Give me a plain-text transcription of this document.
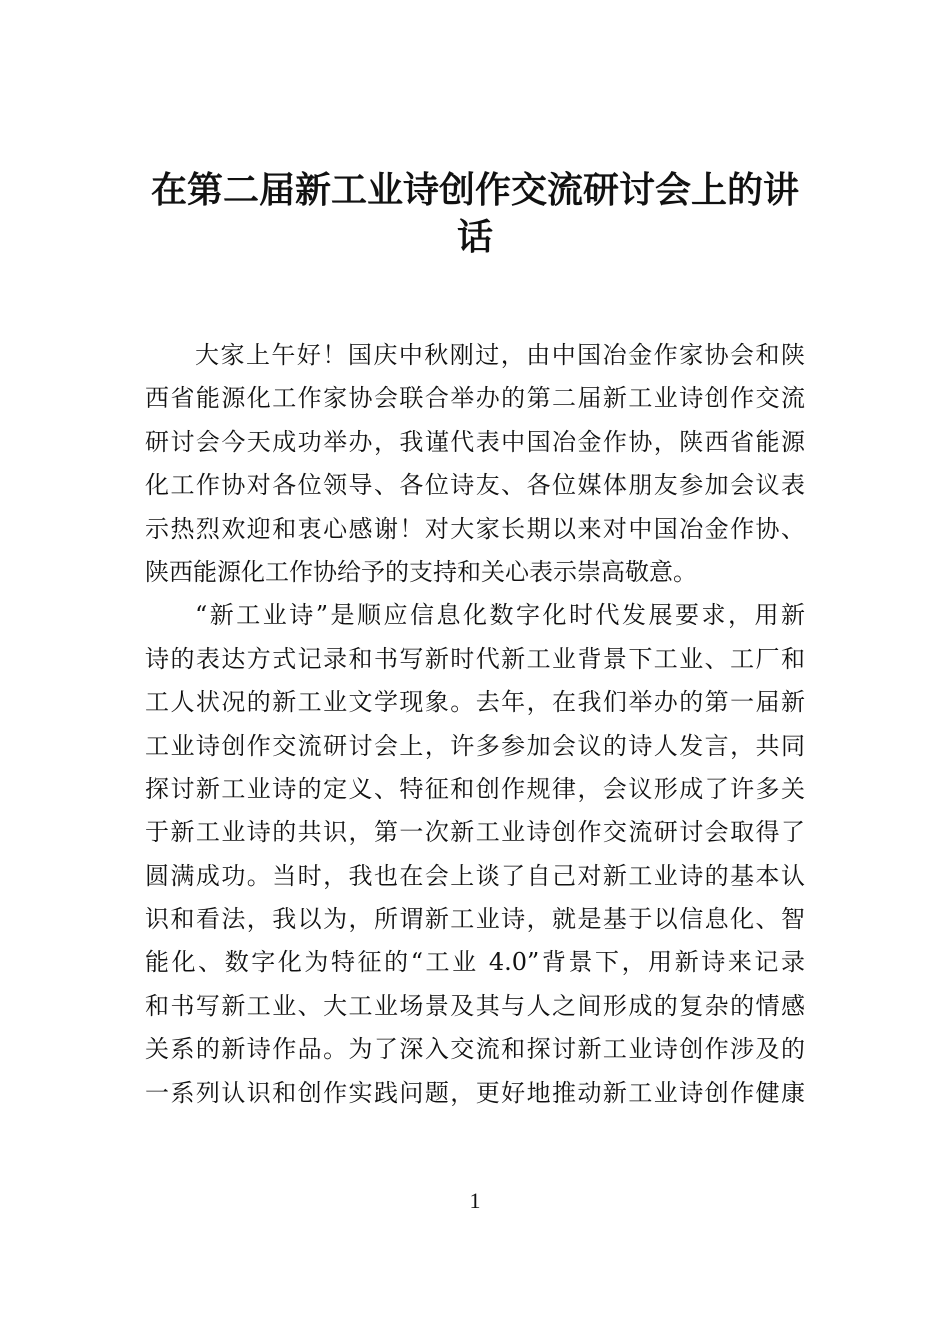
在第二届新工业诗创作交流研讨会上的讲
话
大家上午好！国庆中秋刚过，由中国冶金作家协会和陕
西省能源化工作家协会联合举办的第二届新工业诗创作交流
研讨会今天成功举办，我谨代表中国冶金作协，陕西省能源
化工作协对各位领导、各位诗友、各位媒体朋友参加会议表
示热烈欢迎和衷心感谢！对大家长期以来对中国冶金作协、
陕西能源化工作协给予的支持和关心表示崇高敬意。
“新工业诗”是顺应信息化数字化时代发展要求，用新
诗的表达方式记录和书写新时代新工业背景下工业、工厂和
工人状况的新工业文学现象。去年，在我们举办的第一届新
工业诗创作交流研讨会上，许多参加会议的诗人发言，共同
探讨新工业诗的定义、特征和创作规律，会议形成了许多关
于新工业诗的共识，第一次新工业诗创作交流研讨会取得了
圆满成功。当时，我也在会上谈了自己对新工业诗的基本认
识和看法，我以为，所谓新工业诗，就是基于以信息化、智
能化、数字化为特征的“工业 4.0”背景下，用新诗来记录
和书写新工业、大工业场景及其与人之间形成的复杂的情感
关系的新诗作品。为了深入交流和探讨新工业诗创作涉及的
一系列认识和创作实践问题，更好地推动新工业诗创作健康
1
